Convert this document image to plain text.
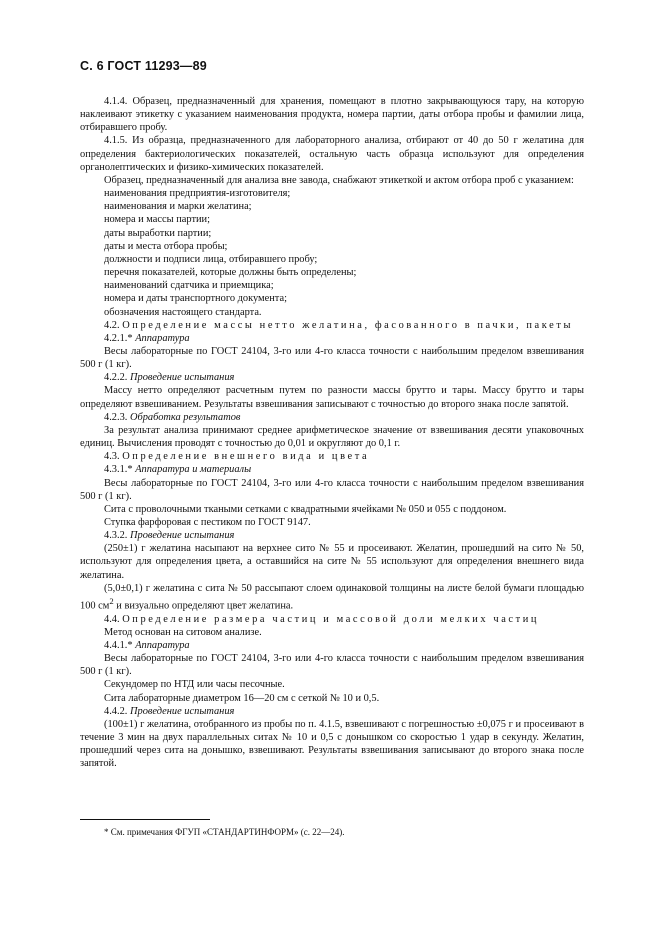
С. 6 ГОСТ 11293—89

4.1.4. Образец, предназначенный для хранения, помещают в плотно закрывающуюся тару, на которую наклеивают этикетку с указанием наименования продукта, номера партии, даты отбора пробы и фамилии лица, отбиравшего пробу.

4.1.5. Из образца, предназначенного для лабораторного анализа, отбирают от 40 до 50 г желатина для определения бактериологических показателей, остальную часть образца используют для определения органолептических и физико-химических показателей.

Образец, предназначенный для анализа вне завода, снабжают этикеткой и актом отбора проб с указанием:

наименования предприятия-изготовителя;

наименования и марки желатина;

номера и массы партии;

даты выработки партии;

даты и места отбора пробы;

должности и подписи лица, отбиравшего пробу;

перечня показателей, которые должны быть определены;

наименований сдатчика и приемщика;

номера и даты транспортного документа;

обозначения настоящего стандарта.

4.2. Определение массы нетто желатина, фасованного в пачки, пакеты

4.2.1.* Аппаратура

Весы лабораторные по ГОСТ 24104, 3-го или 4-го класса точности с наибольшим пределом взвешивания 500 г (1 кг).

4.2.2. Проведение испытания

Массу нетто определяют расчетным путем по разности массы брутто и тары. Массу брутто и тары определяют взвешиванием. Результаты взвешивания записывают с точностью до второго знака после запятой.

4.2.3. Обработка результатов

За результат анализа принимают среднее арифметическое значение от взвешивания десяти упаковочных единиц. Вычисления проводят с точностью до 0,01 и округляют до 0,1 г.

4.3. Определение внешнего вида и цвета

4.3.1.* Аппаратура и материалы

Весы лабораторные по ГОСТ 24104, 3-го или 4-го класса точности с наибольшим пределом взвешивания 500 г (1 кг).

Сита с проволочными ткаными сетками с квадратными ячейками № 050 и 055 с поддоном.

Ступка фарфоровая с пестиком по ГОСТ 9147.

4.3.2. Проведение испытания

(250±1) г желатина насыпают на верхнее сито № 55 и просеивают. Желатин, прошедший на сито № 50, используют для определения цвета, а оставшийся на сите № 55 используют для определения внешнего вида желатина.

(5,0±0,1) г желатина с сита № 50 рассыпают слоем одинаковой толщины на листе белой бумаги площадью 100 $см^2$ и визуально определяют цвет желатина.

4.4. Определение размера частиц и массовой доли мелких частиц

Метод основан на ситовом анализе.

4.4.1.* Аппаратура

Весы лабораторные по ГОСТ 24104, 3-го или 4-го класса точности с наибольшим пределом взвешивания 500 г (1 кг).

Секундомер по НТД или часы песочные.

Сита лабораторные диаметром 16—20 см с сеткой № 10 и 0,5.

4.4.2. Проведение испытания

(100±1) г желатина, отобранного из пробы по п. 4.1.5, взвешивают с погрешностью ±0,075 г и просеивают в течение 3 мин на двух параллельных ситах № 10 и 0,5 с донышком со скоростью 1 удар в секунду. Желатин, прошедший через сита на донышко, взвешивают. Результаты взвешивания записывают до второго знака после запятой.

* См. примечания ФГУП «СТАНДАРТИНФОРМ» (с. 22—24).
